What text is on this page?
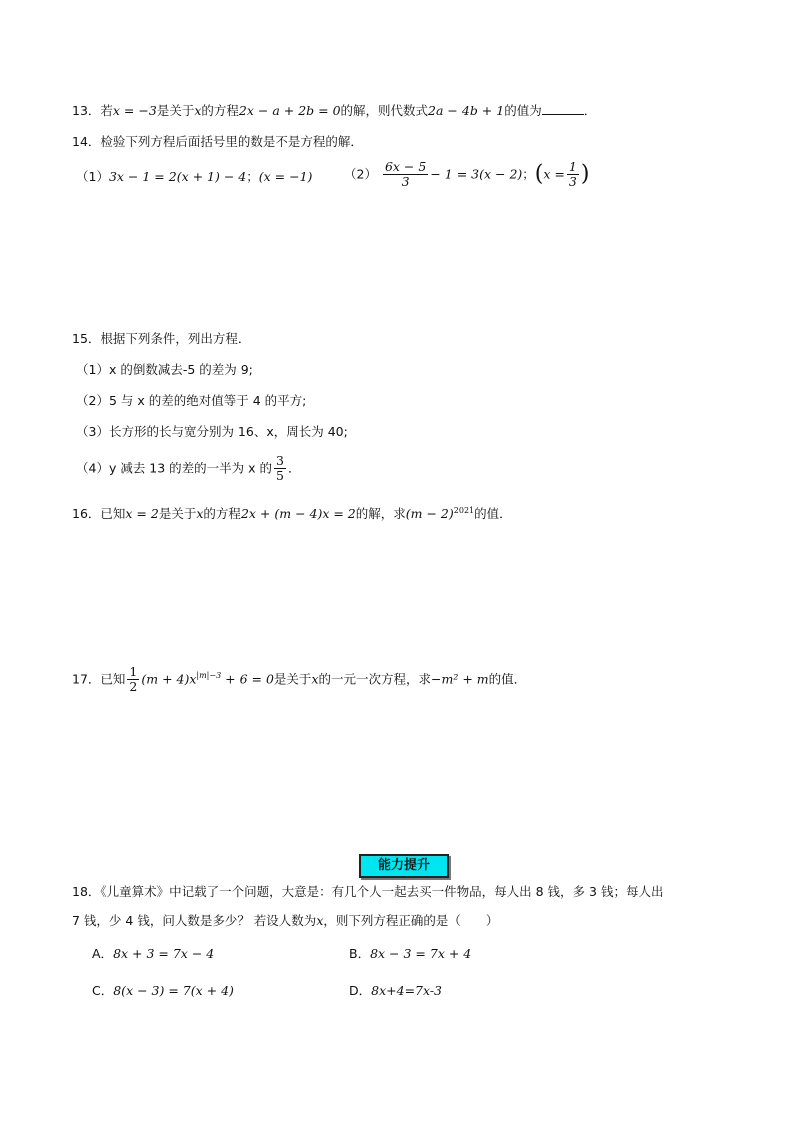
13．若x = −3是关于x的方程2x − a + 2b = 0的解，则代数式2a − 4b + 1的值为	．
14．检验下列方程后面括号里的数是不是方程的解．
（1）3x − 1 = 2(x + 1) − 4；(x = −1)	$(2) \frac{6x - 5}{3} - 1 = 3(x - 2)$；($x = \frac{1}{3}$ )
15．根据下列条件，列出方程．
（1）x 的倒数减去-5 的差为 9;
（2）5 与 x 的差的绝对值等于 4 的平方;
（3）长方形的长与宽分别为 16、x，周长为 40;
（4）y 减去 13 的差的一半为 x 的 $\frac{3}{5}$ ．
16．已知x = 2是关于x的方程2x + (m − 4)x = 2的解，求$(m - 2)^{2021}$的值．
17．已知 $\frac{1}{2} (m + 4)x^{|m|-3} + 6 = 0$是关于x的一元一次方程，求−m² + m的值．
能力提升
18．《儿童算术》中记载了一个问题，大意是：有几个人一起去买一件物品，每人出 8 钱，多 3 钱；每人出
7 钱，少 4 钱，问人数是多少？ 若设人数为x，则下列方程正确的是（　　）
A．8x + 3 = 7x − 4	B．8x − 3 = 7x + 4
C．8(x − 3) = 7(x + 4)	D．8x+4=7x-3
